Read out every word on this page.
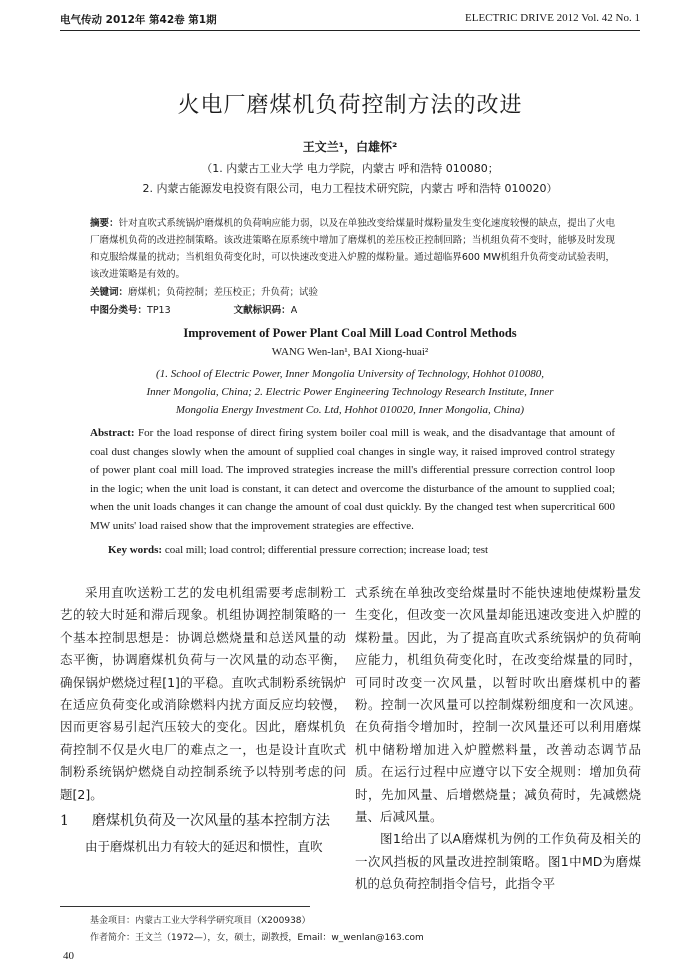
电气传动 2012年 第42卷 第1期	ELECTRIC DRIVE 2012 Vol. 42 No. 1
火电厂磨煤机负荷控制方法的改进
王文兰¹，白雄怀²
（1. 内蒙古工业大学 电力学院，内蒙古 呼和浩特 010080；
2. 内蒙古能源发电投资有限公司，电力工程技术研究院，内蒙古 呼和浩特 010020）
摘要：针对直吹式系统锅炉磨煤机的负荷响应能力弱，以及在单独改变给煤量时煤粉量发生变化速度较慢的缺点，提出了火电厂磨煤机负荷的改进控制策略。该改进策略在原系统中增加了磨煤机的差压校正控制回路；当机组负荷不变时，能够及时发现和克服给煤量的扰动；当机组负荷变化时，可以快速改变进入炉膛的煤粉量。通过超临界600 MW机组升负荷变动试验表明，该改进策略是有效的。
关键词：磨煤机；负荷控制；差压校正；升负荷；试验
中图分类号：TP13	文献标识码：A
Improvement of Power Plant Coal Mill Load Control Methods
WANG Wen-lan¹, BAI Xiong-huai²
(1. School of Electric Power, Inner Mongolia University of Technology, Hohhot 010080,
Inner Mongolia, China; 2. Electric Power Engineering Technology Research Institute, Inner
Mongolia Energy Investment Co. Ltd, Hohhot 010020, Inner Mongolia, China)
Abstract: For the load response of direct firing system boiler coal mill is weak, and the disadvantage that amount of coal dust changes slowly when the amount of supplied coal changes in single way, it raised improved control strategy of power plant coal mill load. The improved strategies increase the mill's differential pressure correction control loop in the logic; when the unit load is constant, it can detect and overcome the disturbance of the amount to supplied coal; when the unit loads changes it can change the amount of coal dust quickly. By the changed test when supercritical 600 MW units' load raised show that the improvement strategies are effective.
Key words: coal mill; load control; differential pressure correction; increase load; test

采用直吹送粉工艺的发电机组需要考虑制粉工艺的较大时延和滞后现象。机组协调控制策略的一个基本控制思想是：协调总燃烧量和总送风量的动态平衡，协调磨煤机负荷与一次风量的动态平衡，确保锅炉燃烧过程[1]的平稳。直吹式制粉系统锅炉在适应负荷变化或消除燃料内扰方面反应均较慢，因而更容易引起汽压较大的变化。因此，磨煤机负荷控制不仅是火电厂的难点之一，也是设计直吹式制粉系统锅炉燃烧自动控制系统予以特别考虑的问题[2]。

1	磨煤机负荷及一次风量的基本控制方法

由于磨煤机出力有较大的延迟和惯性，直吹

式系统在单独改变给煤量时不能快速地使煤粉量发生变化，但改变一次风量却能迅速改变进入炉膛的煤粉量。因此，为了提高直吹式系统锅炉的负荷响应能力，机组负荷变化时，在改变给煤量的同时，可同时改变一次风量，以暂时吹出磨煤机中的蓄粉。控制一次风量可以控制煤粉细度和一次风速。在负荷指令增加时，控制一次风量还可以利用磨煤机中储粉增加进入炉膛燃料量，改善动态调节品质。在运行过程中应遵守以下安全规则：增加负荷时，先加风量、后增燃烧量；减负荷时，先减燃烧量、后减风量。

图1给出了以A磨煤机为例的工作负荷及相关的一次风挡板的风量改进控制策略。图1中MD为磨煤机的总负荷控制指令信号，此指令平

基金项目：内蒙古工业大学科学研究项目（X200938）
作者简介：王文兰（1972—），女，硕士，副教授，Email：w_wenlan@163.com
40
